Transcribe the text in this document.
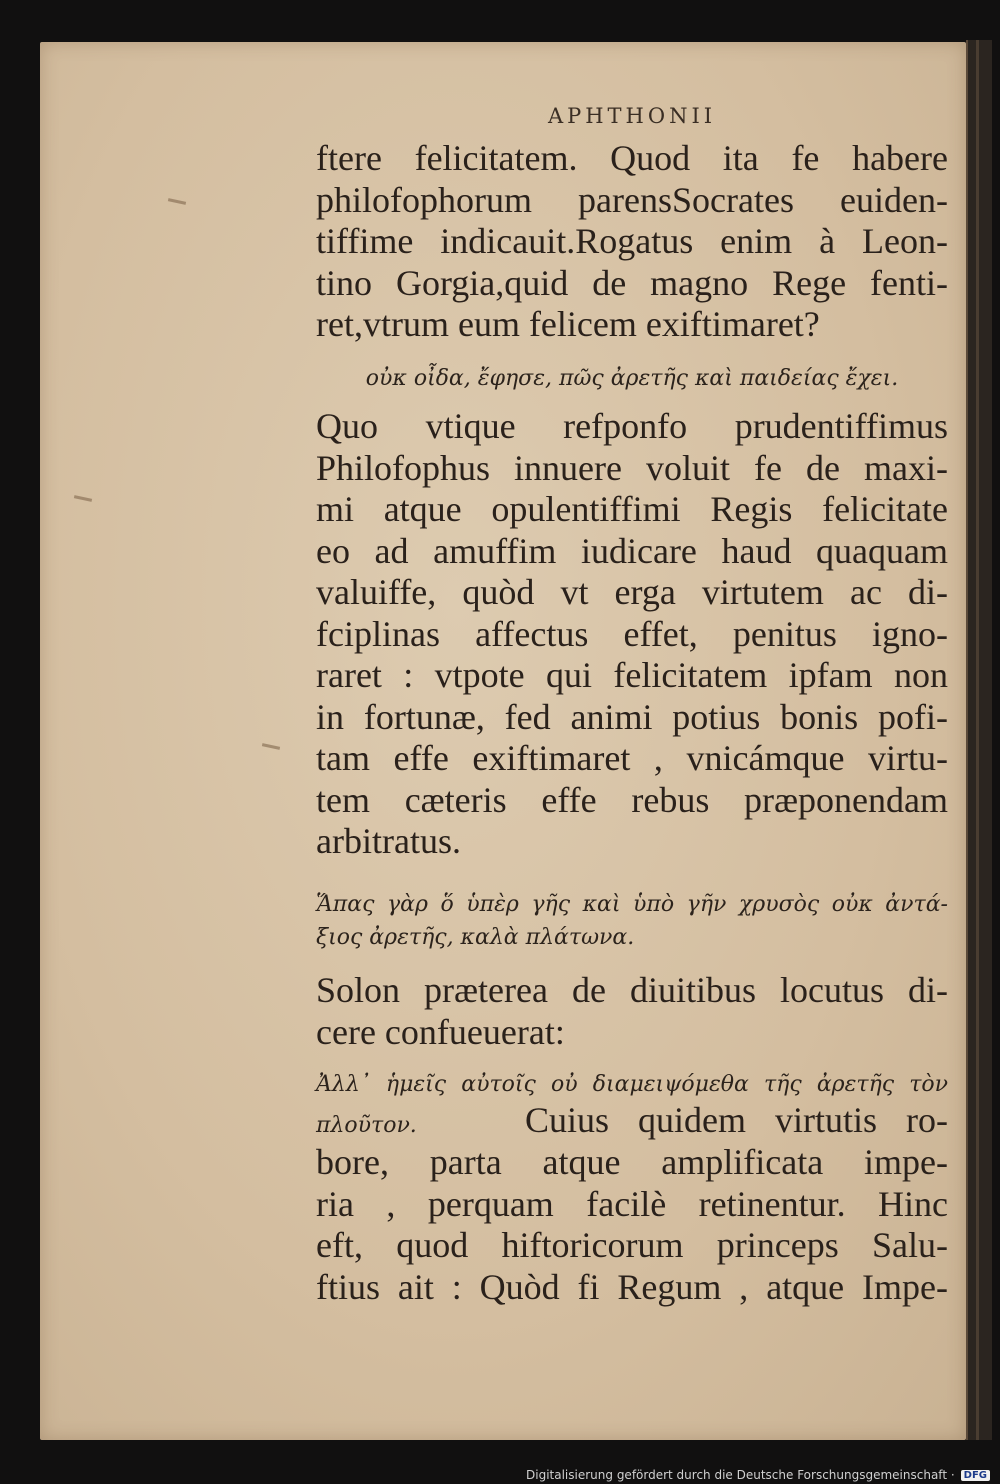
APHTHONII
ftere felicitatem. Quod ita fe habere
philofophorum parensSocrates euiden-
tiffime indicauit.Rogatus enim à Leon-
tino Gorgia,quid de magno Rege fenti-
ret,vtrum eum felicem exiftimaret?
οὐκ οἶδα, ἔφησε, πῶς ἀρετῆς καὶ παιδείας ἔχει.
Quo vtique refponfo prudentiffimus
Philofophus innuere voluit fe de maxi-
mi atque opulentiffimi Regis felicitate
eo ad amuffim iudicare haud quaquam
valuiffe, quòd vt erga virtutem ac di-
fciplinas affectus effet, penitus igno-
raret : vtpote qui felicitatem ipfam non
in fortunæ, fed animi potius bonis pofi-
tam effe exiftimaret , vnicámque virtu-
tem cæteris effe rebus præponendam
arbitratus.
Ἅπας γὰρ ὅ ὑπὲρ γῆς καὶ ὑπὸ γῆν χρυσὸς οὐκ ἀντά-
ξιος ἀρετῆς, καλὰ πλάτωνα.
Solon præterea de diuitibus locutus di-
cere confueuerat:
Ἀλλ᾽ ἡμεῖς αὐτοῖς οὐ διαμειψόμεθα τῆς ἀρετῆς τὸν
πλοῦτον.	Cuius quidem virtutis ro-
bore, parta atque amplificata impe-
ria , perquam facilè retinentur. Hinc
eft, quod hiftoricorum princeps Salu-
ftius ait : Quòd fi Regum , atque Impe-
Digitalisierung gefördert durch die Deutsche Forschungsgemeinschaft · DFG
